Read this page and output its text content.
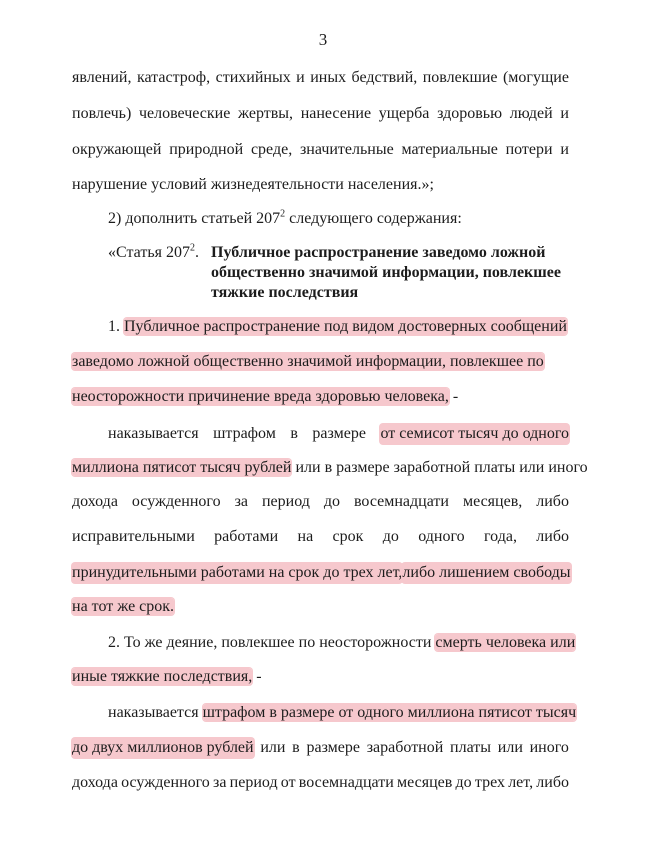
3
явлений, катастроф, стихийных и иных бедствий, повлекшие (могущие
повлечь) человеческие жертвы, нанесение ущерба здоровью людей и
окружающей природной среде, значительные материальные потери и
нарушение условий жизнедеятельности населения.»;
2) дополнить статьей $207^2$ следующего содержания:
«Статья $207^2$. Публичное распространение заведомо ложной
общественно значимой информации, повлекшее
тяжкие последствия
1. Публичное распространение под видом достоверных сообщений
заведомо ложной общественно значимой информации, повлекшее по
неосторожности причинение вреда здоровью человека, -
наказывается штрафом в размере от семисот тысяч до одного
миллиона пятисот тысяч рублей или в размере заработной платы или иного
дохода осужденного за период до восемнадцати месяцев, либо
исправительными работами на срок до одного года, либо
принудительными работами на срок до трех лет, либо лишением свободы
на тот же срок.
2. То же деяние, повлекшее по неосторожности смерть человека или
иные тяжкие последствия, -
наказывается штрафом в размере от одного миллиона пятисот тысяч
до двух миллионов рублей или в размере заработной платы или иного
дохода осужденного за период от восемнадцати месяцев до трех лет, либо
